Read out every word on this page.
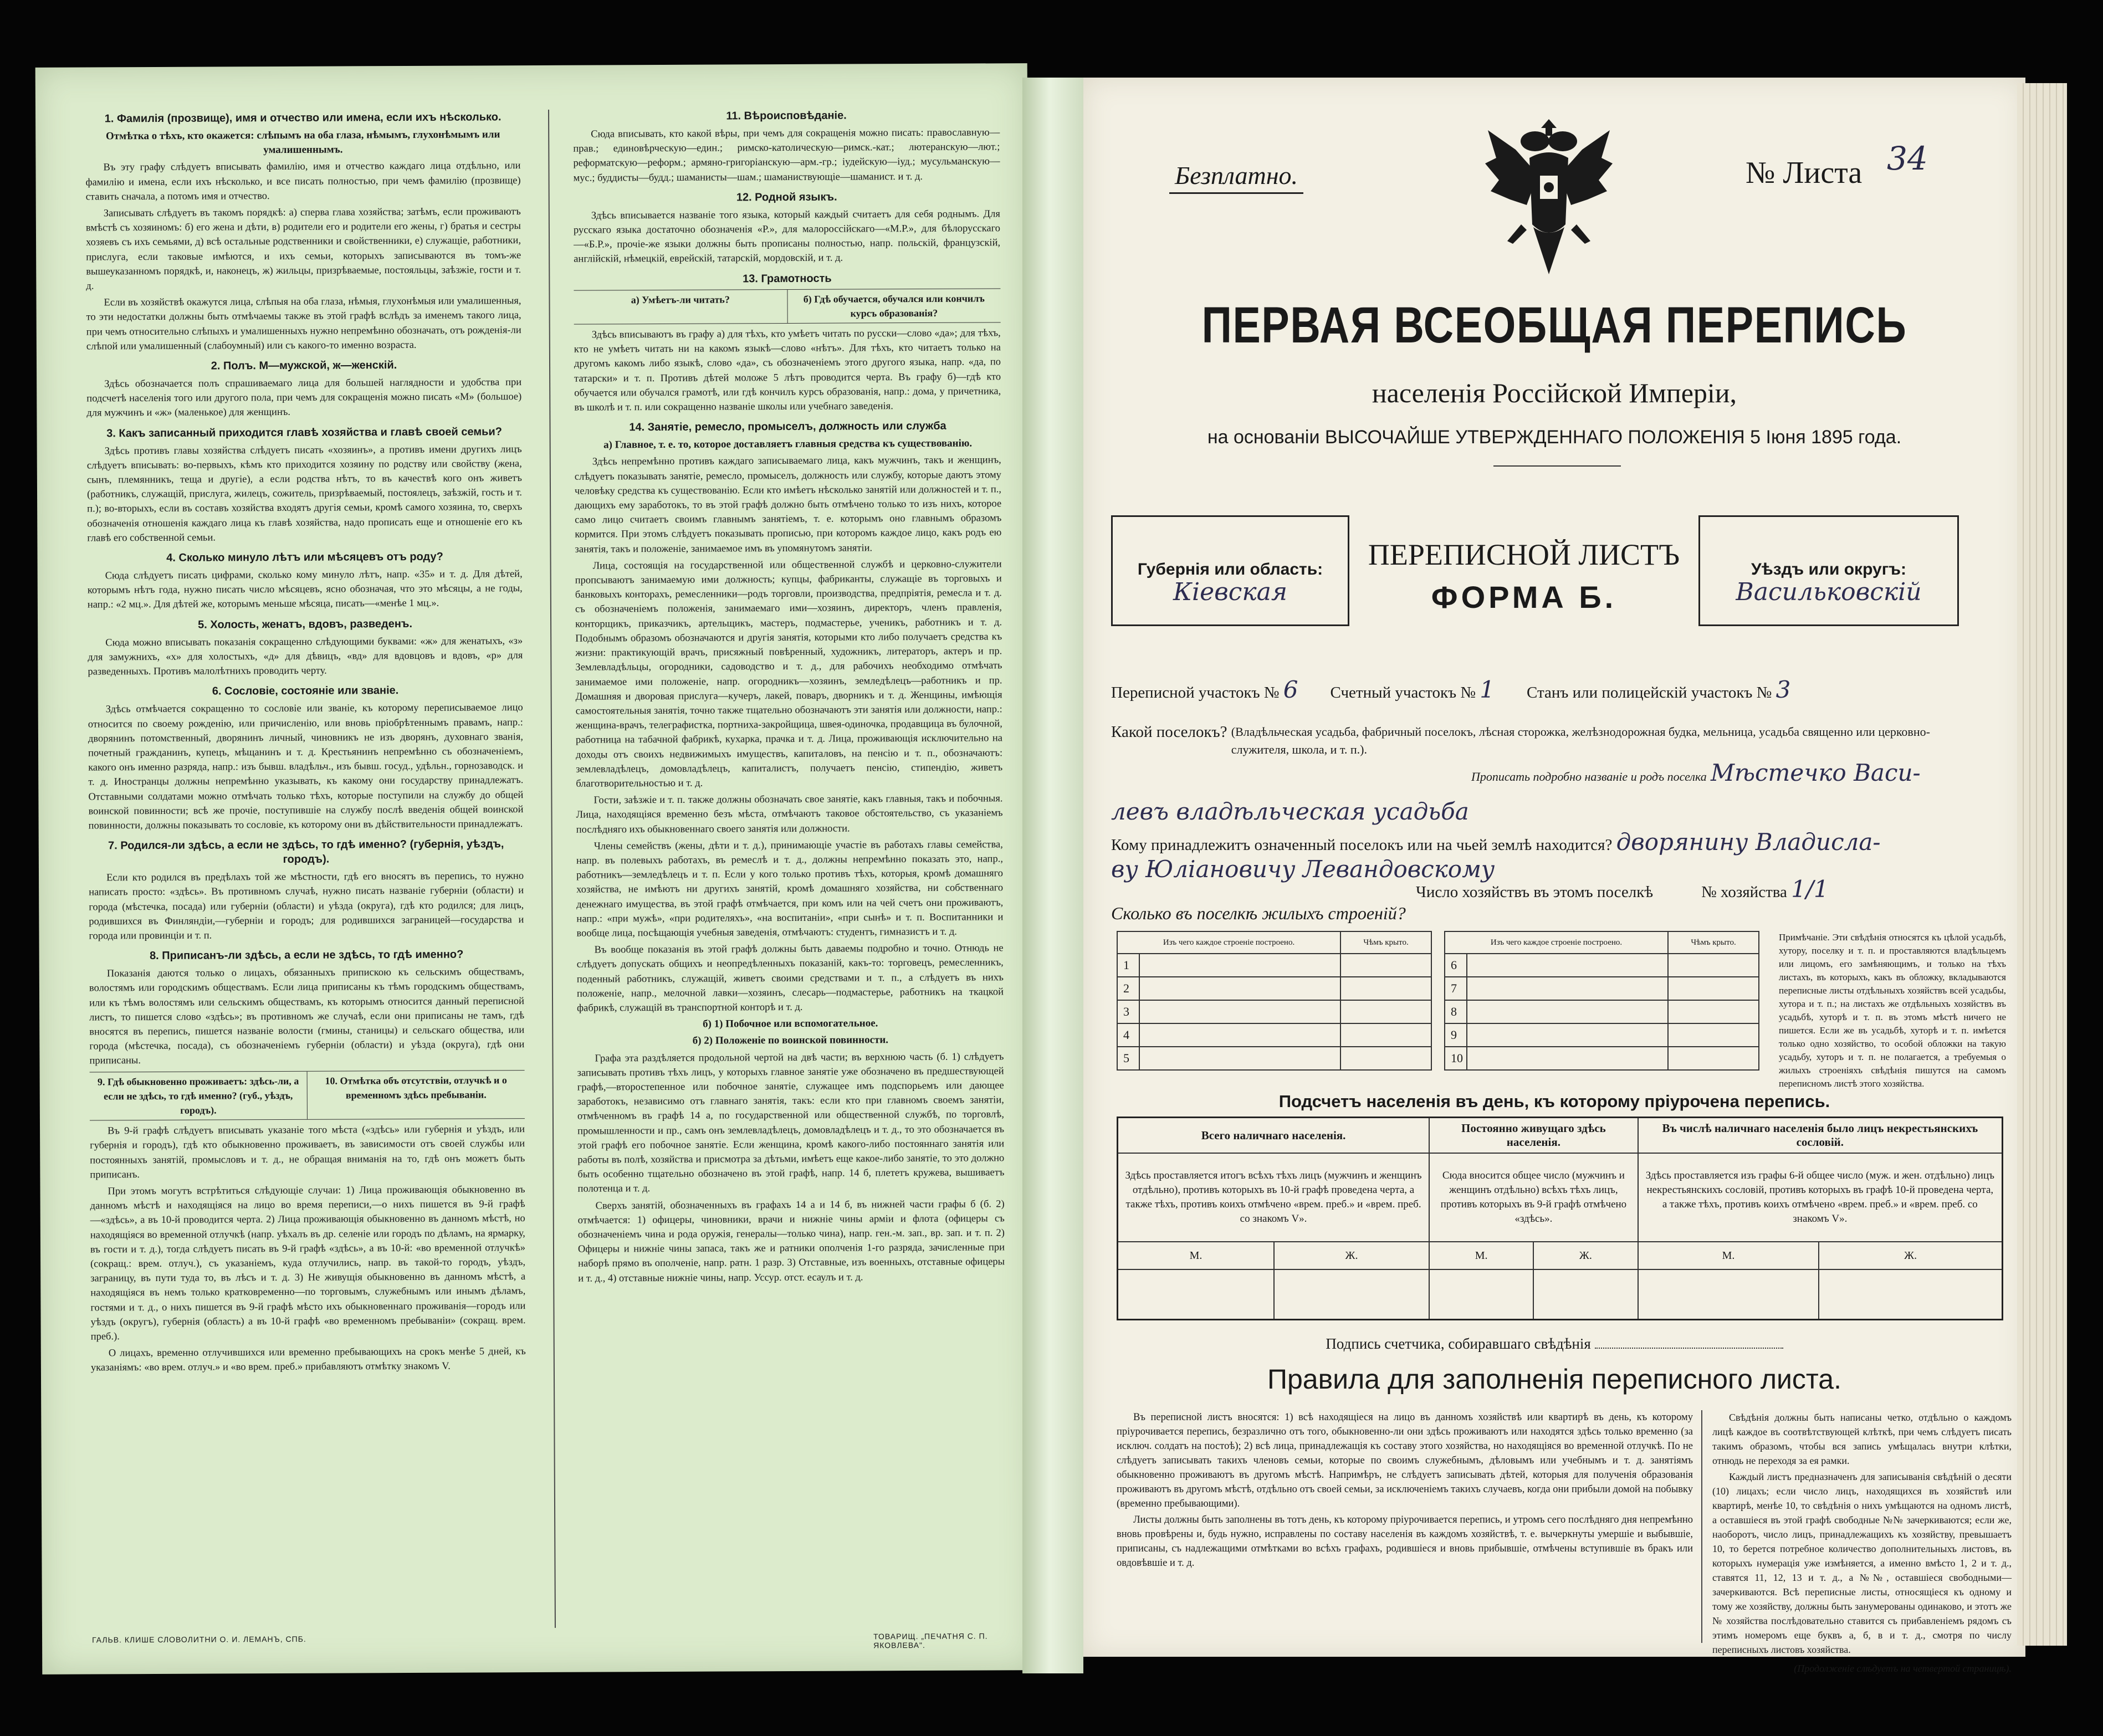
1. Фамилія (прозвище), имя и отчество или имена, если ихъ нѣсколько.

Отмѣтка о тѣхъ, кто окажется: слѣпымъ на оба глаза, нѣмымъ, глухонѣмымъ или умалишеннымъ.

Въ эту графу слѣдуетъ вписывать фамилію, имя и отчество каждаго лица отдѣльно, или фамилію и имена, если ихъ нѣсколько, и все писать полностью, при чемъ фамилію (прозвище) ставить сначала, а потомъ имя и отчество.

Записывать слѣдуетъ въ такомъ порядкѣ: а) сперва глава хозяйства; затѣмъ, если проживаютъ вмѣстѣ съ хозяиномъ: б) его жена и дѣти, в) родители его и родители его жены, г) братья и сестры хозяевъ съ ихъ семьями, д) всѣ остальные родственники и свойственники, е) служащіе, работники, прислуга, если таковые имѣются, и ихъ семьи, которыхъ записываются въ томъ-же вышеуказанномъ порядкѣ, и, наконецъ, ж) жильцы, призрѣваемые, постояльцы, заѣзжіе, гости и т. д.

Если въ хозяйствѣ окажутся лица, слѣпыя на оба глаза, нѣмыя, глухонѣмыя или умалишенныя, то эти недостатки должны быть отмѣчаемы также въ этой графѣ вслѣдъ за именемъ такого лица, при чемъ относительно слѣпыхъ и умалишенныхъ нужно непремѣнно обозначать, отъ рожденія-ли слѣпой или умалишенный (слабоумный) или съ какого-то именно возраста.

2. Полъ. М—мужской, ж—женскій.

Здѣсь обозначается полъ спрашиваемаго лица для большей наглядности и удобства при подсчетѣ населенія того или другого пола, при чемъ для сокращенія можно писать «М» (большое) для мужчинъ и «ж» (маленькое) для женщинъ.

3. Какъ записанный приходится главѣ хозяйства и главѣ своей семьи?

Здѣсь противъ главы хозяйства слѣдуетъ писать «хозяинъ», а противъ имени другихъ лицъ слѣдуетъ вписывать: во-первыхъ, кѣмъ кто приходится хозяину по родству или свойству (жена, сынъ, племянникъ, теща и другіе), а если родства нѣтъ, то въ качествѣ кого онъ живетъ (работникъ, служащій, прислуга, жилецъ, сожитель, призрѣваемый, постоялецъ, заѣзжій, гость и т. п.); во-вторыхъ, если въ составъ хозяйства входятъ другія семьи, кромѣ самого хозяина, то, сверхъ обозначенія отношенія каждаго лица къ главѣ хозяйства, надо прописать еще и отношеніе его къ главѣ его собственной семьи.

4. Сколько минуло лѣтъ или мѣсяцевъ отъ роду?

Сюда слѣдуетъ писать цифрами, сколько кому минуло лѣтъ, напр. «35» и т. д. Для дѣтей, которымъ нѣтъ года, нужно писать число мѣсяцевъ, ясно обозначая, что это мѣсяцы, а не годы, напр.: «2 мц.». Для дѣтей же, которымъ меньше мѣсяца, писать—«менѣе 1 мц.».

5. Холость, женатъ, вдовъ, разведенъ.

Сюда можно вписывать показанія сокращенно слѣдующими буквами: «ж» для женатыхъ, «з» для замужнихъ, «х» для холостыхъ, «д» для дѣвицъ, «вд» для вдовцовъ и вдовъ, «р» для разведенныхъ. Противъ малолѣтнихъ проводить черту.

6. Сословіе, состояніе или званіе.

Здѣсь отмѣчается сокращенно то сословіе или званіе, къ которому переписываемое лицо относится по своему рожденію, или причисленію, или вновь пріобрѣтеннымъ правамъ, напр.: дворянинъ потомственный, дворянинъ личный, чиновникъ не изъ дворянъ, духовнаго званія, почетный гражданинъ, купецъ, мѣщанинъ и т. д. Крестьянинъ непремѣнно съ обозначеніемъ, какого онъ именно разряда, напр.: изъ бывш. владѣльч., изъ бывш. госуд., удѣльн., горнозаводск. и т. д. Иностранцы должны непремѣнно указывать, къ какому они государству принадлежатъ. Отставными солдатами можно отмѣчать только тѣхъ, которые поступили на службу до общей воинской повинности; всѣ же прочіе, поступившіе на службу послѣ введенія общей воинской повинности, должны показывать то сословіе, къ которому они въ дѣйствительности принадлежатъ.

7. Родился-ли здѣсь, а если не здѣсь, то гдѣ именно? (губернія, уѣздъ, городъ).

Если кто родился въ предѣлахъ той же мѣстности, гдѣ его вносятъ въ перепись, то нужно написать просто: «здѣсь». Въ противномъ случаѣ, нужно писать названіе губерніи (области) и города (мѣстечка, посада) или губерніи (области) и уѣзда (округа), гдѣ кто родился; для лицъ, родившихся въ Финляндіи,—губерніи и городъ; для родившихся заграницей—государства и города или провинціи и т. п.

8. Приписанъ-ли здѣсь, а если не здѣсь, то гдѣ именно?

Показанія даются только о лицахъ, обязанныхъ припискою къ сельскимъ обществамъ, волостямъ или городскимъ обществамъ. Если лица приписаны къ тѣмъ городскимъ обществамъ, или къ тѣмъ волостямъ или сельскимъ обществамъ, къ которымъ относится данный переписной листъ, то пишется слово «здѣсь»; въ противномъ же случаѣ, если они приписаны не тамъ, гдѣ вносятся въ перепись, пишется названіе волости (гмины, станицы) и сельскаго общества, или города (мѣстечка, посада), съ обозначеніемъ губерніи (области) и уѣзда (округа), гдѣ они приписаны.

9. Гдѣ обыкновенно проживаетъ: здѣсь-ли, а если не здѣсь, то гдѣ именно? (губ., уѣздъ, городъ).
10. Отмѣтка объ отсутствіи, отлучкѣ и о временномъ здѣсь пребываніи.

Въ 9-й графѣ слѣдуетъ вписывать указаніе того мѣста («здѣсь» или губернія и уѣздъ, или губернія и городъ), гдѣ кто обыкновенно проживаетъ, въ зависимости отъ своей службы или постоянныхъ занятій, промысловъ и т. д., не обращая вниманія на то, гдѣ онъ можетъ быть приписанъ.

При этомъ могутъ встрѣтиться слѣдующіе случаи: 1) Лица проживающія обыкновенно въ данномъ мѣстѣ и находящіяся на лицо во время переписи,—о нихъ пишется въ 9-й графѣ—«здѣсь», а въ 10-й проводится черта. 2) Лица проживающія обыкновенно въ данномъ мѣстѣ, но находящіяся во временной отлучкѣ (напр. уѣхалъ въ др. селеніе или городъ по дѣламъ, на ярмарку, въ гости и т. д.), тогда слѣдуетъ писать въ 9-й графѣ «здѣсь», а въ 10-й: «во временной отлучкѣ» (сокращ.: врем. отлуч.), съ указаніемъ, куда отлучились, напр. въ такой-то городъ, уѣздъ, заграницу, въ пути туда то, въ лѣсъ и т. д. 3) Не живущія обыкновенно въ данномъ мѣстѣ, а находящіяся въ немъ только кратковременно—по торговымъ, служебнымъ или инымъ дѣламъ, гостями и т. д., о нихъ пишется въ 9-й графѣ мѣсто ихъ обыкновеннаго проживанія—городъ или уѣздъ (округъ), губернія (область) а въ 10-й графѣ «во временномъ пребываніи» (сокращ. врем. преб.).

О лицахъ, временно отлучившихся или временно пребывающихъ на срокъ менѣе 5 дней, къ указаніямъ: «во врем. отлуч.» и «во врем. преб.» прибавляютъ отмѣтку знакомъ V.

11. Вѣроисповѣданіе.

Сюда вписывать, кто какой вѣры, при чемъ для сокращенія можно писать: православную—прав.; единовѣрческую—един.; римско-католическую—римск.-кат.; лютеранскую—лют.; реформатскую—реформ.; армяно-григоріанскую—арм.-гр.; іудейскую—іуд.; мусульманскую—мус.; буддисты—будд.; шаманисты—шам.; шаманиствующіе—шаманист. и т. д.

12. Родной языкъ.

Здѣсь вписывается названіе того языка, который каждый считаетъ для себя роднымъ. Для русскаго языка достаточно обозначенія «Р.», для малороссійскаго—«М.Р.», для бѣлорусскаго—«Б.Р.», прочіе-же языки должны быть прописаны полностью, напр. польскій, французскій, англійскій, нѣмецкій, еврейскій, татарскій, мордовскій, и т. д.

13. Грамотность
а) Умѣетъ-ли читать?	б) Гдѣ обучается, обучался или кончилъ курсъ образованія?

Здѣсь вписываютъ въ графу а) для тѣхъ, кто умѣетъ читать по русски—слово «да»; для тѣхъ, кто не умѣетъ читать ни на какомъ языкѣ—слово «нѣтъ». Для тѣхъ, кто читаетъ только на другомъ какомъ либо языкѣ, слово «да», съ обозначеніемъ этого другого языка, напр. «да, по татарски» и т. п. Противъ дѣтей моложе 5 лѣтъ проводится черта. Въ графу б)—гдѣ кто обучается или обучался грамотѣ, или гдѣ кончилъ курсъ образованія, напр.: дома, у причетника, въ школѣ и т. п. или сокращенно названіе школы или учебнаго заведенія.

14. Занятіе, ремесло, промыселъ, должность или служба

а) Главное, т. е. то, которое доставляетъ главныя средства къ существованію.

Здѣсь непремѣнно противъ каждаго записываемаго лица, какъ мужчинъ, такъ и женщинъ, слѣдуетъ показывать занятіе, ремесло, промыселъ, должность или службу, которые даютъ этому человѣку средства къ существованію. Если кто имѣетъ нѣсколько занятій или должностей и т. п., дающихъ ему заработокъ, то въ этой графѣ должно быть отмѣчено только то изъ нихъ, которое само лицо считаетъ своимъ главнымъ занятіемъ, т. е. которымъ оно главнымъ образомъ кормится. При этомъ слѣдуетъ показывать прописью, при которомъ каждое лицо, какъ родъ ею занятія, такъ и положеніе, занимаемое имъ въ упомянутомъ занятіи.

Лица, состоящія на государственной или общественной службѣ и церковно-служители пропсываютъ занимаемую ими должность; купцы, фабриканты, служащіе въ торговыхъ и банковыхъ конторахъ, ремесленники—родъ торговли, производства, предпріятія, ремесла и т. д. съ обозначеніемъ положенія, занимаемаго ими—хозяинъ, директоръ, членъ правленія, конторщикъ, приказчикъ, артельщикъ, мастеръ, подмастерье, ученикъ, работникъ и т. д. Подобнымъ образомъ обозначаются и другія занятія, которыми кто либо получаетъ средства къ жизни: практикующій врачъ, присяжный повѣренный, художникъ, литераторъ, актеръ и пр. Землевладѣльцы, огородники, садоводство и т. д., для рабочихъ необходимо отмѣчать занимаемое ими положеніе, напр. огородникъ—хозяинъ, земледѣлецъ—работникъ и пр. Домашняя и дворовая прислуга—кучеръ, лакей, поваръ, дворникъ и т. д. Женщины, имѣющія самостоятельныя занятія, точно также тщательно обозначаютъ эти занятія или должности, напр.: женщина-врачъ, телеграфистка, портниха-закройщица, швея-одиночка, продавщица въ булочной, работница на табачной фабрикѣ, кухарка, прачка и т. д. Лица, проживающія исключительно на доходы отъ своихъ недвижимыхъ имуществъ, капиталовъ, на пенсію и т. п., обозначаютъ: землевладѣлецъ, домовладѣлецъ, капиталистъ, получаетъ пенсію, стипендію, живетъ благотворительностью и т. д.

Гости, заѣзжіе и т. п. также должны обозначать свое занятіе, какъ главныя, такъ и побочныя. Лица, находящіяся временно безъ мѣста, отмѣчаютъ таковое обстоятельство, съ указаніемъ послѣдняго ихъ обыкновеннаго своего занятія или должности.

Члены семействъ (жены, дѣти и т. д.), принимающіе участіе въ работахъ главы семейства, напр. въ полевыхъ работахъ, въ ремеслѣ и т. д., должны непремѣнно показать это, напр., работникъ—земледѣлецъ и т. п. Если у кого только противъ тѣхъ, которыя, кромѣ домашняго хозяйства, не имѣютъ ни другихъ занятій, кромѣ домашняго хозяйства, ни собственнаго денежнаго имущества, въ этой графѣ отмѣчается, при комъ или на чей счетъ они проживаютъ, напр.: «при мужѣ», «при родителяхъ», «на воспитаніи», «при сынѣ» и т. п. Воспитанники и вообще лица, посѣщающія учебныя заведенія, отмѣчаютъ: студентъ, гимназистъ и т. д.

Въ вообще показанія въ этой графѣ должны быть даваемы подробно и точно. Отнюдь не слѣдуетъ допускать общихъ и неопредѣленныхъ показаній, какъ-то: торговецъ, ремесленникъ, поденный работникъ, служащій, живетъ своими средствами и т. п., а слѣдуетъ въ нихъ положеніе, напр., мелочной лавки—хозяинъ, слесарь—подмастерье, работникъ на ткацкой фабрикѣ, служащій въ транспортной конторѣ и т. д.

б) 1) Побочное или вспомогательное.

б) 2) Положеніе по воинской повинности.

Графа эта раздѣляется продольной чертой на двѣ части; въ верхнюю часть (б. 1) слѣдуетъ записывать противъ тѣхъ лицъ, у которыхъ главное занятіе уже обозначено въ предшествующей графѣ,—второстепенное или побочное занятіе, служащее имъ подспорьемъ или дающее заработокъ, независимо отъ главнаго занятія, такъ: если кто при главномъ своемъ занятіи, отмѣченномъ въ графѣ 14 а, по государственной или общественной службѣ, по торговлѣ, промышленности и пр., самъ онъ землевладѣлецъ, домовладѣлецъ и т. д., то это обозначается въ этой графѣ его побочное занятіе. Если женщина, кромѣ какого-либо постояннаго занятія или работы въ полѣ, хозяйства и присмотра за дѣтьми, имѣетъ еще какое-либо занятіе, то это должно быть особенно тщательно обозначено въ этой графѣ, напр. 14 б, плететъ кружева, вышиваетъ полотенца и т. д.

Сверхъ занятій, обозначенныхъ въ графахъ 14 а и 14 б, въ нижней части графы б (б. 2) отмѣчается: 1) офицеры, чиновники, врачи и нижніе чины арміи и флота (офицеры съ обозначеніемъ чина и рода оружія, генералы—только чина), напр. ген.-м. зап., вр. зап. и т. п. 2) Офицеры и нижніе чины запаса, такъ же и ратники ополченія 1-го разряда, зачисленные при наборѣ прямо въ ополченіе, напр. ратн. 1 разр. 3) Отставные, изъ военныхъ, отставные офицеры и т. д., 4) отставные нижніе чины, напр. Уссур. отст. есаулъ и т. д.

ГАЛЬВ. КЛИШЕ СЛОВОЛИТНИ О. И. ЛЕМАНЪ, СПБ.	ТОВАРИЩ. „ПЕЧАТНЯ С. П. ЯКОВЛЕВА".
Безплатно.	№ Листа 34
ПЕРВАЯ ВСЕОБЩАЯ ПЕРЕПИСЬ
населенія Россійской Имперіи,
на основаніи ВЫСОЧАЙШЕ УТВЕРЖДЕННАГО ПОЛОЖЕНІЯ 5 Іюня 1895 года.
Губернія или область:
Кіевская
ПЕРЕПИСНОЙ ЛИСТЪ
ФОРМА Б.
Уѣздъ или округъ:
Васильковскій
Переписной участокъ № 6 Счетный участокъ № 1 Станъ или полицейскій участокъ № 3
Какой поселокъ? (Владѣльческая усадьба, фабричный поселокъ, лѣсная сторожка, желѣзнодорожная будка, мельница, усадьба священно или церковно-служителя, школа, и т. п.).
Прописать подробно названіе и родъ поселка Мѣстечко Васи-
левъ владѣльческая усадьба
Кому принадлежитъ означенный поселокъ или на чьей землѣ находится? дворянину Владисла-
ву Юліановичу Левандовскому
Число хозяйствъ въ этомъ поселкѣ	№ хозяйства 1/1
Сколько въ поселкѣ жилыхъ строеній?
Изъ чего каждое строеніе построено.		Чѣмъ крыто.		Изъ чего каждое строеніе построено.		Чѣмъ крыто.
1				6		
2				7		
3				8		
4				9		
5				10		
Примѣчаніе. Эти свѣдѣнія относятся къ цѣлой усадьбѣ, хутору, поселку и т. п. и проставляются владѣльцемъ или лицомъ, его замѣняющимъ, и только на тѣхъ листахъ, въ которыхъ, какъ въ обложку, вкладываются переписные листы отдѣльныхъ хозяйствъ всей усадьбы, хутора и т. п.; на листахъ же отдѣльныхъ хозяйствъ въ усадьбѣ, хуторѣ и т. п. въ этомъ мѣстѣ ничего не пишется. Если же въ усадьбѣ, хуторѣ и т. п. имѣется только одно хозяйство, то особой обложки на такую усадьбу, хуторъ и т. п. не полагается, а требуемыя о жилыхъ строеніяхъ свѣдѣнія пишутся на самомъ переписномъ листѣ этого хозяйства.
Подсчетъ населенія въ день, къ которому пріурочена перепись.
Всего наличнаго населенія.		Постоянно живущаго здѣсь населенія.		Въ числѣ наличнаго населенія было лицъ некрестьянскихъ сословій.	
Здѣсь проставляется итогъ всѣхъ тѣхъ лицъ (мужчинъ и женщинъ отдѣльно), противъ которыхъ въ 10-й графѣ проведена черта, а также тѣхъ, противъ коихъ отмѣчено «врем. преб.» и «врем. преб. со знакомъ V».		Сюда вносится общее число (мужчинъ и женщинъ отдѣльно) всѣхъ тѣхъ лицъ, противъ которыхъ въ 9-й графѣ отмѣчено «здѣсь».		Здѣсь проставляется изъ графы 6-й общее число (муж. и жен. отдѣльно) лицъ некрестьянскихъ сословій, противъ которыхъ въ графѣ 10-й проведена черта, а также тѣхъ, противъ коихъ отмѣчено «врем. преб.» и «врем. преб. со знакомъ V».	
М.	Ж.	М.	Ж.	М.	Ж.

Подпись счетчика, собиравшаго свѣдѣнія
Правила для заполненія переписного листа.

Въ переписной листъ вносятся: 1) всѣ находящіеся на лицо въ данномъ хозяйствѣ или квартирѣ въ день, къ которому пріурочивается перепись, безразлично отъ того, обыкновенно-ли они здѣсь проживаютъ или находятся здѣсь только временно (за исключ. солдатъ на постоѣ); 2) всѣ лица, принадлежащія къ составу этого хозяйства, но находящіяся во временной отлучкѣ. По не слѣдуетъ записывать такихъ членовъ семьи, которые по своимъ служебнымъ, дѣловымъ или учебнымъ и т. д. занятіямъ обыкновенно проживаютъ въ другомъ мѣстѣ. Напримѣръ, не слѣдуетъ записывать дѣтей, которыя для полученія образованія проживаютъ въ другомъ мѣстѣ, отдѣльно отъ своей семьи, за исключеніемъ такихъ случаевъ, когда они прибыли домой на побывку (временно пребывающими).

Листы должны быть заполнены въ тотъ день, къ которому пріурочивается перепись, и утромъ сего послѣдняго дня непремѣнно вновь провѣрены и, будь нужно, исправлены по составу населенія въ каждомъ хозяйствѣ, т. е. вычеркнуты умершіе и выбывшіе, приписаны, съ надлежащими отмѣтками во всѣхъ графахъ, родившіеся и вновь прибывшіе, отмѣчены вступившіе въ бракъ или овдовѣвшіе и т. д.

Свѣдѣнія должны быть написаны четко, отдѣльно о каждомъ лицѣ каждое въ соотвѣтствующей клѣткѣ, при чемъ слѣдуетъ писать такимъ образомъ, чтобы вся запись умѣщалась внутри клѣтки, отнюдь не переходя за ея рамки.

Каждый листъ предназначенъ для записыванія свѣдѣній о десяти (10) лицахъ; если число лицъ, находящихся въ хозяйствѣ или квартирѣ, менѣе 10, то свѣдѣнія о нихъ умѣщаются на одномъ листѣ, а оставшіеся въ этой графѣ свободные №№ зачеркиваются; если же, наоборотъ, число лицъ, принадлежащихъ къ хозяйству, превышаетъ 10, то берется потребное количество дополнительныхъ листовъ, въ которыхъ нумерація уже измѣняется, а именно вмѣсто 1, 2 и т. д., ставятся 11, 12, 13 и т. д., а №№, оставшіеся свободными—зачеркиваются. Всѣ переписные листы, относящіеся къ одному и тому же хозяйству, должны быть занумерованы одинаково, и этотъ же № хозяйства послѣдовательно ставится съ прибавленіемъ рядомъ съ этимъ номеромъ еще буквъ а, б, в и т. д., смотря по числу переписныхъ листовъ хозяйства.

(Продолженіе слѣдуетъ на четвертой страницѣ).
